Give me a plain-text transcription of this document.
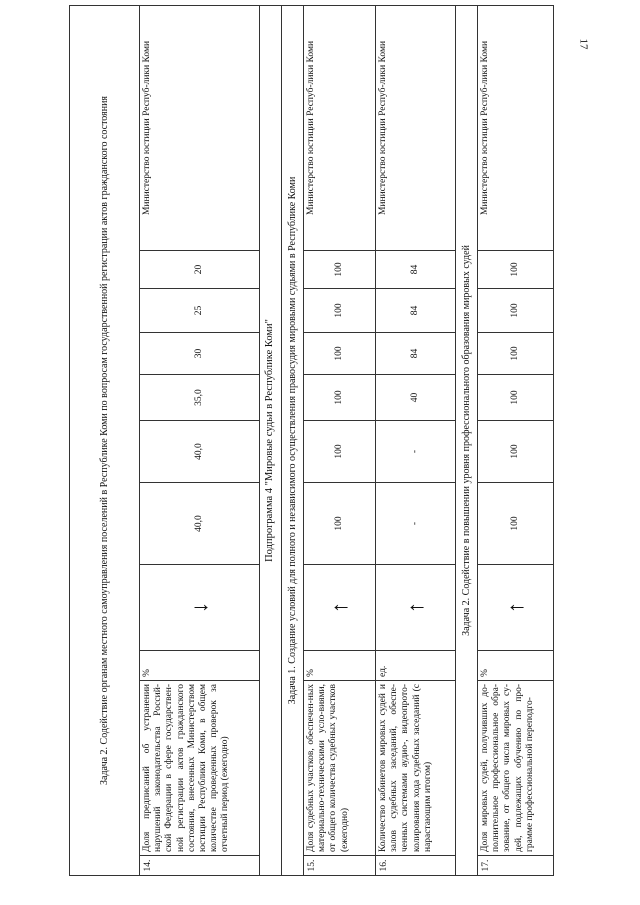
17
Задача 2. Содействие органам местного самоуправления поселений в Республике Коми по вопросам государственной регистрации актов гражданского состояния										
14.	Доля предписаний об устранении нарушений законодательства Россий-ской Федерации в сфере государствен-ной регистрации актов гражданского состояния, внесенных Министерством юстиции Республики Коми, в общем количестве проведенных проверок за отчетный период (ежегодно)	%	↓	40,0	40,0	35,0	30	25	20	Министерство юстиции Респуб-лики Коми
Подпрограмма 4 "Мировые судьи в Республике Коми"										
Задача 1. Создание условий для полного и независимого осуществления правосудия мировыми судьями в Республике Коми										
15.	Доля судебных участков, обеспечен-ных материально-техническими усло-виями, от общего количества судебных участков (ежегодно)	%	↑	100	100	100	100	100	100	Министерство юстиции Респуб-лики Коми
16.	Количество кабинетов мировых судей и залов судебных заседаний, обеспе-ченных системами аудио-, видеопрото-колирования хода судебных заседаний (с нарастающим итогом)	ед.	↑	-	-	40	84	84	84	Министерство юстиции Респуб-лики Коми
Задача 2. Содействие в повышении уровня профессионального образования мировых судей										
17.	Доля мировых судей, получивших до-полнительное профессиональное обра-зование, от общего числа мировых су-дей, подлежащих обучению по про-грамме профессиональной переподго-	%	↑	100	100	100	100	100	100	Министерство юстиции Респуб-лики Коми
